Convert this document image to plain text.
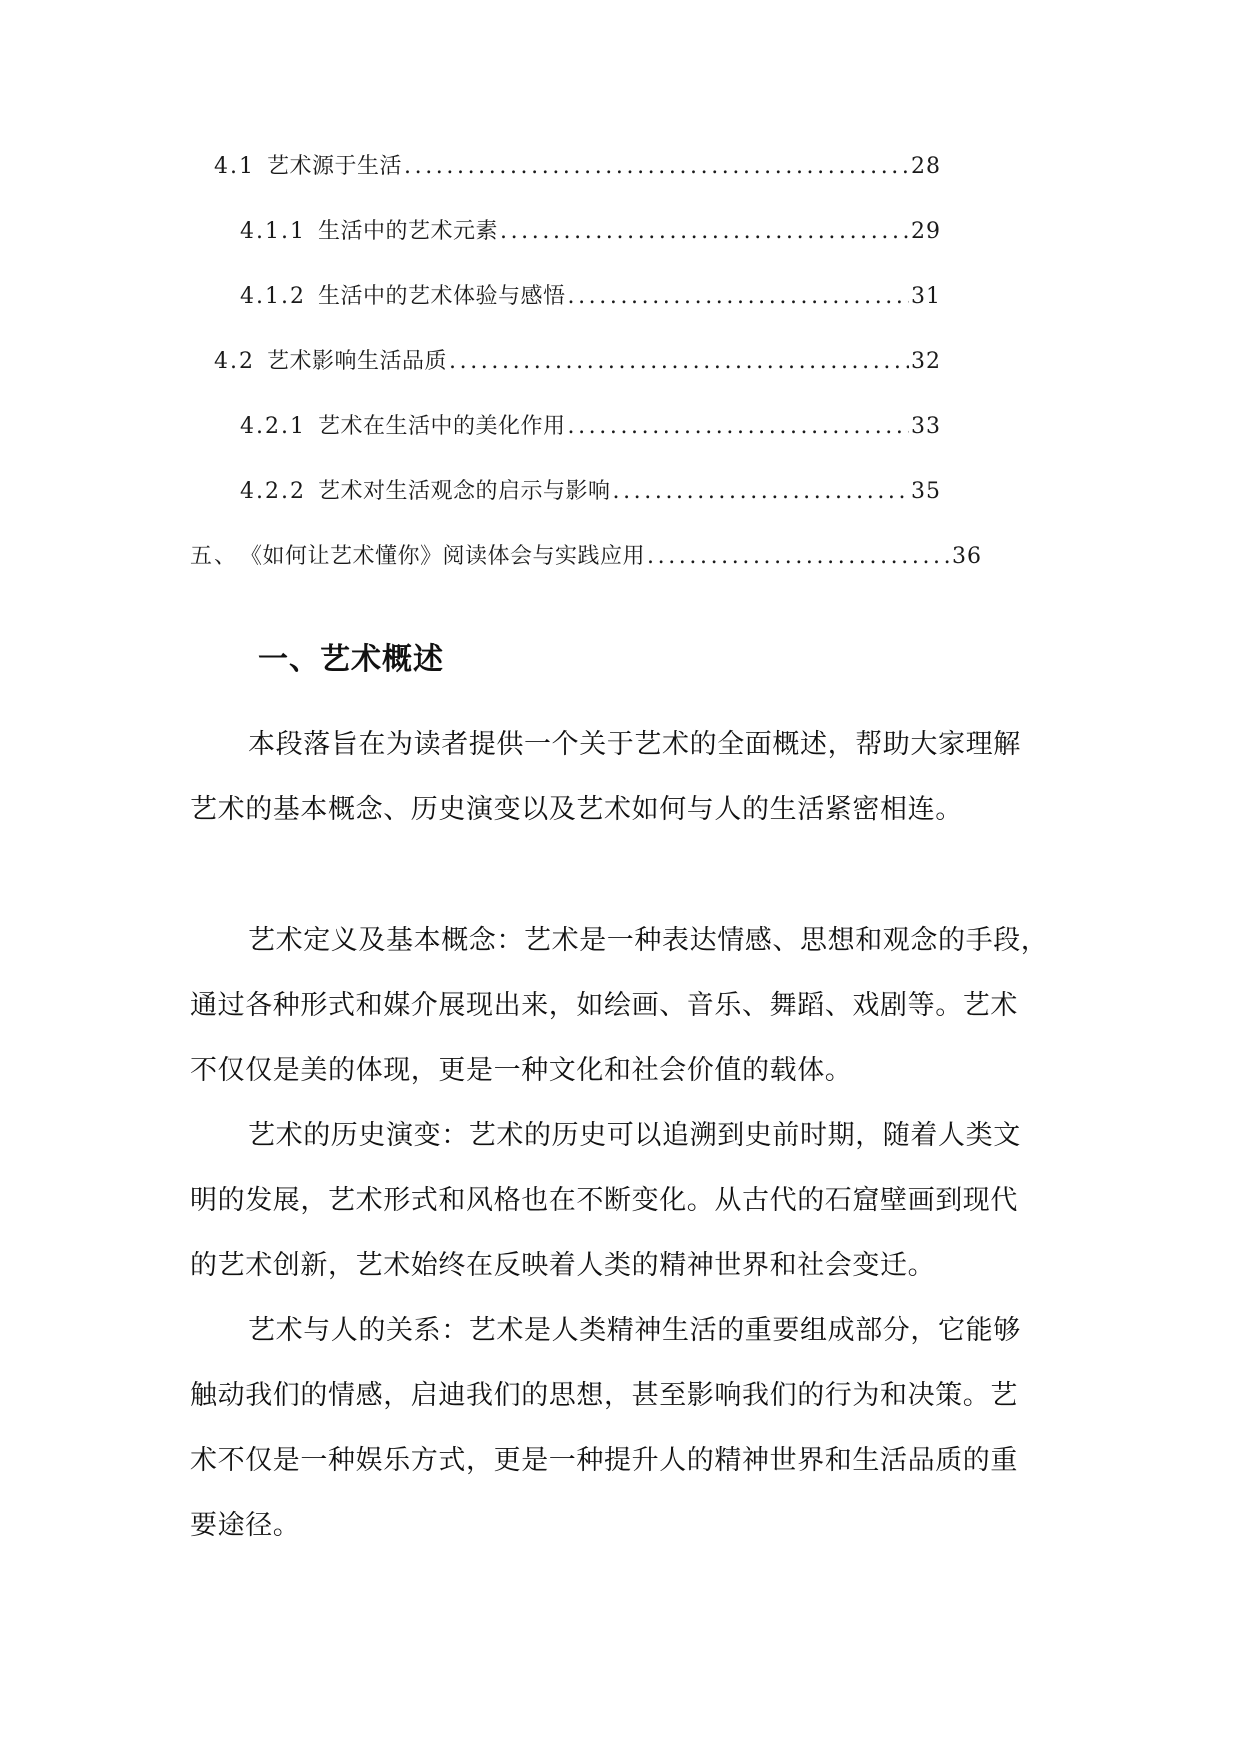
4.1 艺术源于生活 .....	28
4.1.1 生活中的艺术元素 .....	29
4.1.2 生活中的艺术体验与感悟 .....	31
4.2 艺术影响生活品质 .....	32
4.2.1 艺术在生活中的美化作用 .....	33
4.2.2 艺术对生活观念的启示与影响 .....	35
五、 《如何让艺术懂你》阅读体会与实践应用 .....	36
一、艺术概述
本段落旨在为读者提供一个关于艺术的全面概述，帮助大家理解
艺术的基本概念、历史演变以及艺术如何与人的生活紧密相连。
艺术定义及基本概念：艺术是一种表达情感、思想和观念的手段，
通过各种形式和媒介展现出来，如绘画、音乐、舞蹈、戏剧等。艺术
不仅仅是美的体现，更是一种文化和社会价值的载体。
艺术的历史演变：艺术的历史可以追溯到史前时期，随着人类文
明的发展，艺术形式和风格也在不断变化。从古代的石窟壁画到现代
的艺术创新，艺术始终在反映着人类的精神世界和社会变迁。
艺术与人的关系：艺术是人类精神生活的重要组成部分，它能够
触动我们的情感，启迪我们的思想，甚至影响我们的行为和决策。艺
术不仅是一种娱乐方式，更是一种提升人的精神世界和生活品质的重
要途径。
